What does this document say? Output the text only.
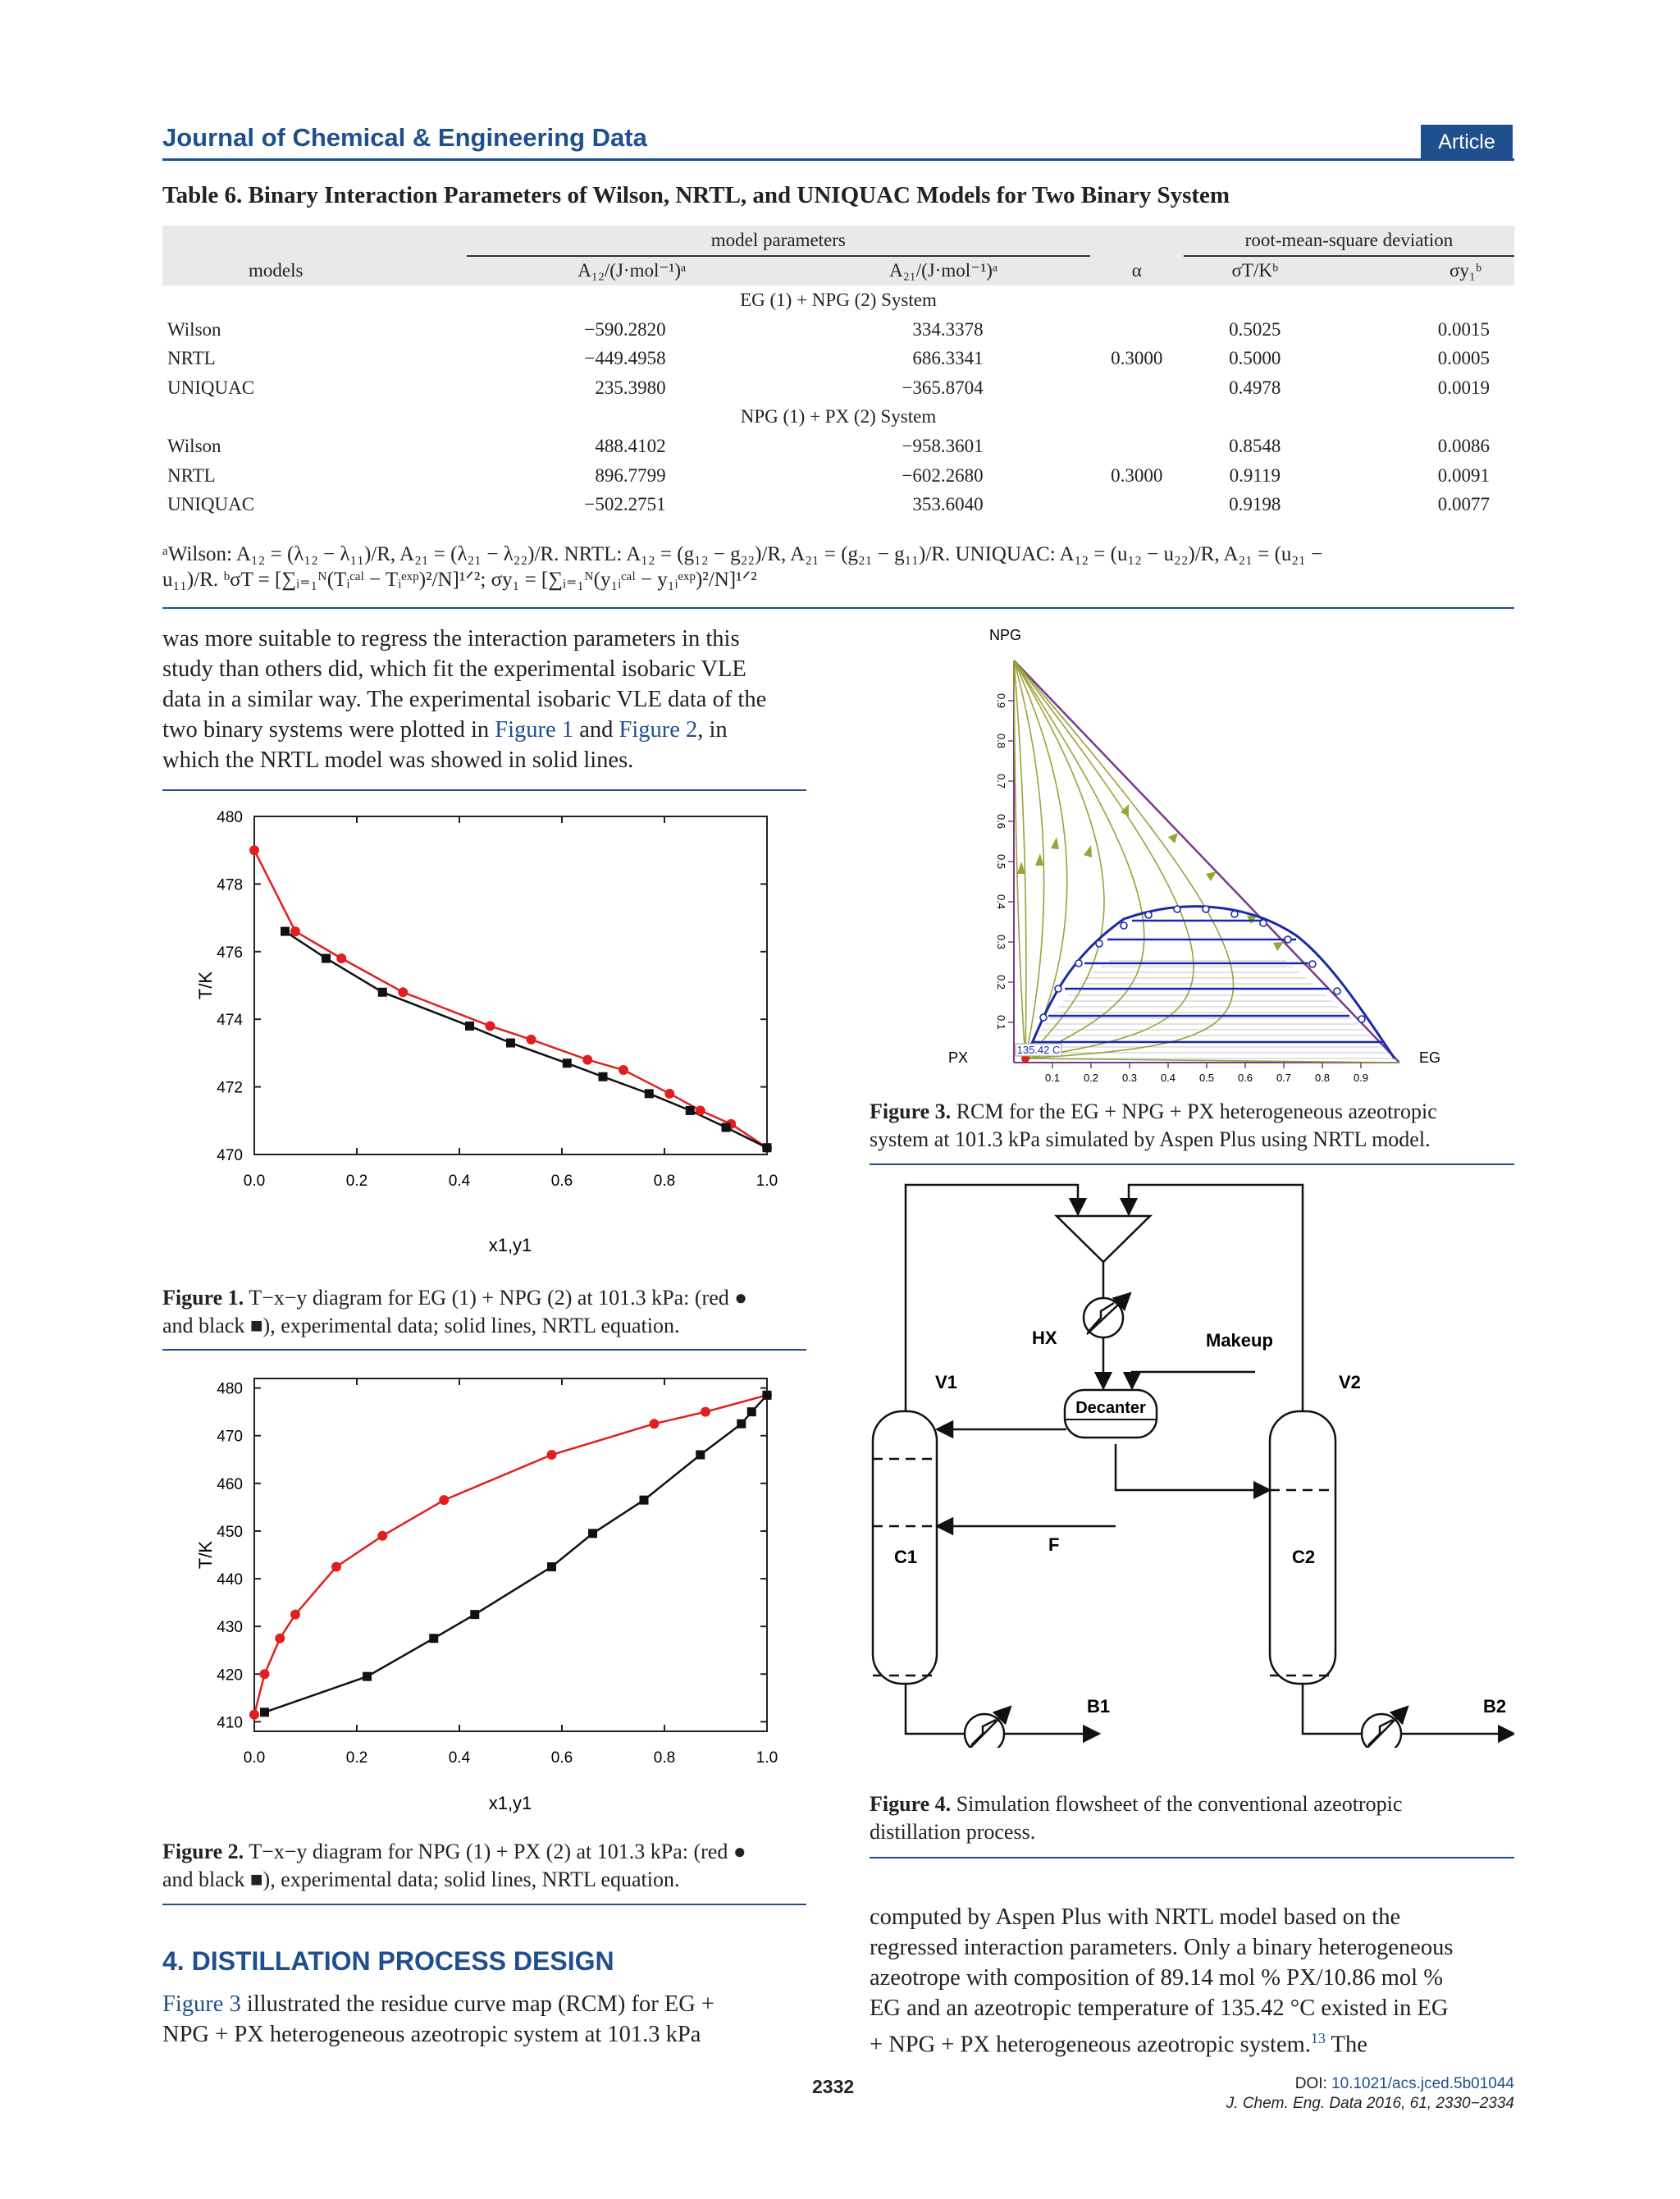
Journal of Chemical & Engineering Data	Article
Table 6. Binary Interaction Parameters of Wilson, NRTL, and UNIQUAC Models for Two Binary System
	model parameters			root-mean-square deviation	
models	A₁₂/(J·mol⁻¹)ᵃ	A₂₁/(J·mol⁻¹)ᵃ	α	σT/Kᵇ	σy₁ᵇ
EG (1) + NPG (2) System					
Wilson	−590.2820	334.3378		0.5025	0.0015
NRTL	−449.4958	686.3341	0.3000	0.5000	0.0005
UNIQUAC	235.3980	−365.8704		0.4978	0.0019
NPG (1) + PX (2) System					
Wilson	488.4102	−958.3601		0.8548	0.0086
NRTL	896.7799	−602.2680	0.3000	0.9119	0.0091
UNIQUAC	−502.2751	353.6040		0.9198	0.0077
ᵃWilson: A₁₂ = (λ₁₂ − λ₁₁)/R, A₂₁ = (λ₂₁ − λ₂₂)/R. NRTL: A₁₂ = (g₁₂ − g₂₂)/R, A₂₁ = (g₂₁ − g₁₁)/R. UNIQUAC: A₁₂ = (u₁₂ − u₂₂)/R, A₂₁ = (u₂₁ −
u₁₁)/R. ᵇσT = [∑ᵢ₌₁ᴺ(Tᵢᶜᵃˡ − Tᵢᵉˣᵖ)²/N]¹ᐟ²; σy₁ = [∑ᵢ₌₁ᴺ(y₁ᵢᶜᵃˡ − y₁ᵢᵉˣᵖ)²/N]¹ᐟ²
was more suitable to regress the interaction parameters in this
study than others did, which fit the experimental isobaric VLE
data in a similar way. The experimental isobaric VLE data of the
two binary systems were plotted in Figure 1 and Figure 2, in
which the NRTL model was showed in solid lines.
0.0	0.2	0.4	0.6	0.8	1.0
470
472
474
476
478
480
x1,y1
T/K
Figure 1. T−x−y diagram for EG (1) + NPG (2) at 101.3 kPa: (red ●
and black ■), experimental data; solid lines, NRTL equation.
0.0	0.2	0.4	0.6	0.8	1.0
410
420
430
440
450
460
470
480
x1,y1
T/K
Figure 2. T−x−y diagram for NPG (1) + PX (2) at 101.3 kPa: (red ●
and black ■), experimental data; solid lines, NRTL equation.
4. DISTILLATION PROCESS DESIGN
Figure 3 illustrated the residue curve map (RCM) for EG +
NPG + PX heterogeneous azeotropic system at 101.3 kPa
135.42 C
0.1
0.1
0.2
0.2
0.3
0.3
0.4
0.4
0.5
0.5
0.6
0.6
0.7
0.7
0.8
0.8
0.9
0.9
NPG
PX	EG
Figure 3. RCM for the EG + NPG + PX heterogeneous azeotropic
system at 101.3 kPa simulated by Aspen Plus using NRTL model.
Decanter
HX	Makeup
V1	V2
C1	C2
F
B1	B2
Figure 4. Simulation flowsheet of the conventional azeotropic
distillation process.
computed by Aspen Plus with NRTL model based on the
regressed interaction parameters. Only a binary heterogeneous
azeotrope with composition of 89.14 mol % PX/10.86 mol %
EG and an azeotropic temperature of 135.42 °C existed in EG
+ NPG + PX heterogeneous azeotropic system.$^{13}$ The
2332	DOI: 10.1021/acs.jced.5b01044
J. Chem. Eng. Data 2016, 61, 2330−2334
